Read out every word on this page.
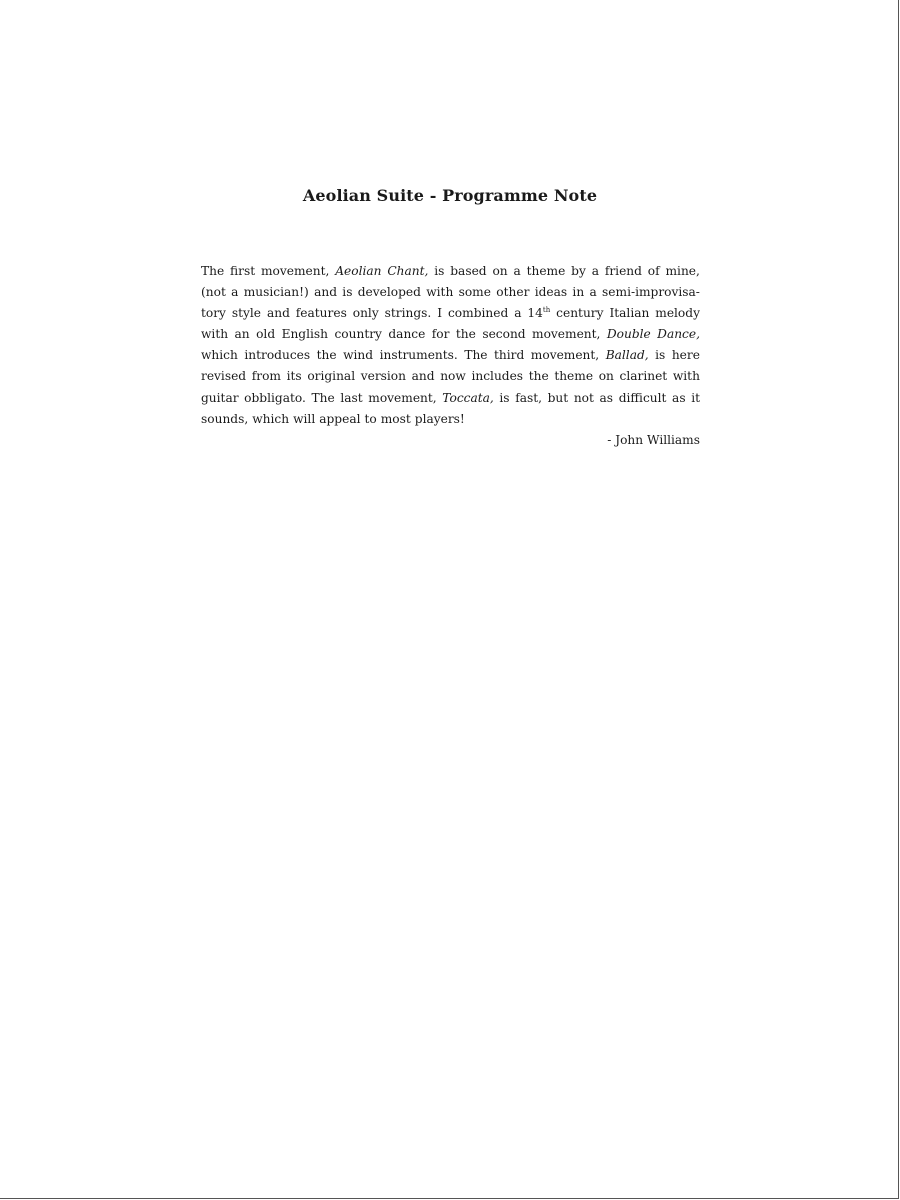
Aeolian Suite - Programme Note
The first movement, Aeolian Chant, is based on a theme by a friend of mine,
(not a musician!) and is developed with some other ideas in a semi-improvisa-
tory style and features only strings. I combined a 14th century Italian melody
with an old English country dance for the second movement, Double Dance,
which introduces the wind instruments. The third movement, Ballad, is here
revised from its original version and now includes the theme on clarinet with
guitar obbligato. The last movement, Toccata, is fast, but not as difficult as it
sounds, which will appeal to most players!
- John Williams
